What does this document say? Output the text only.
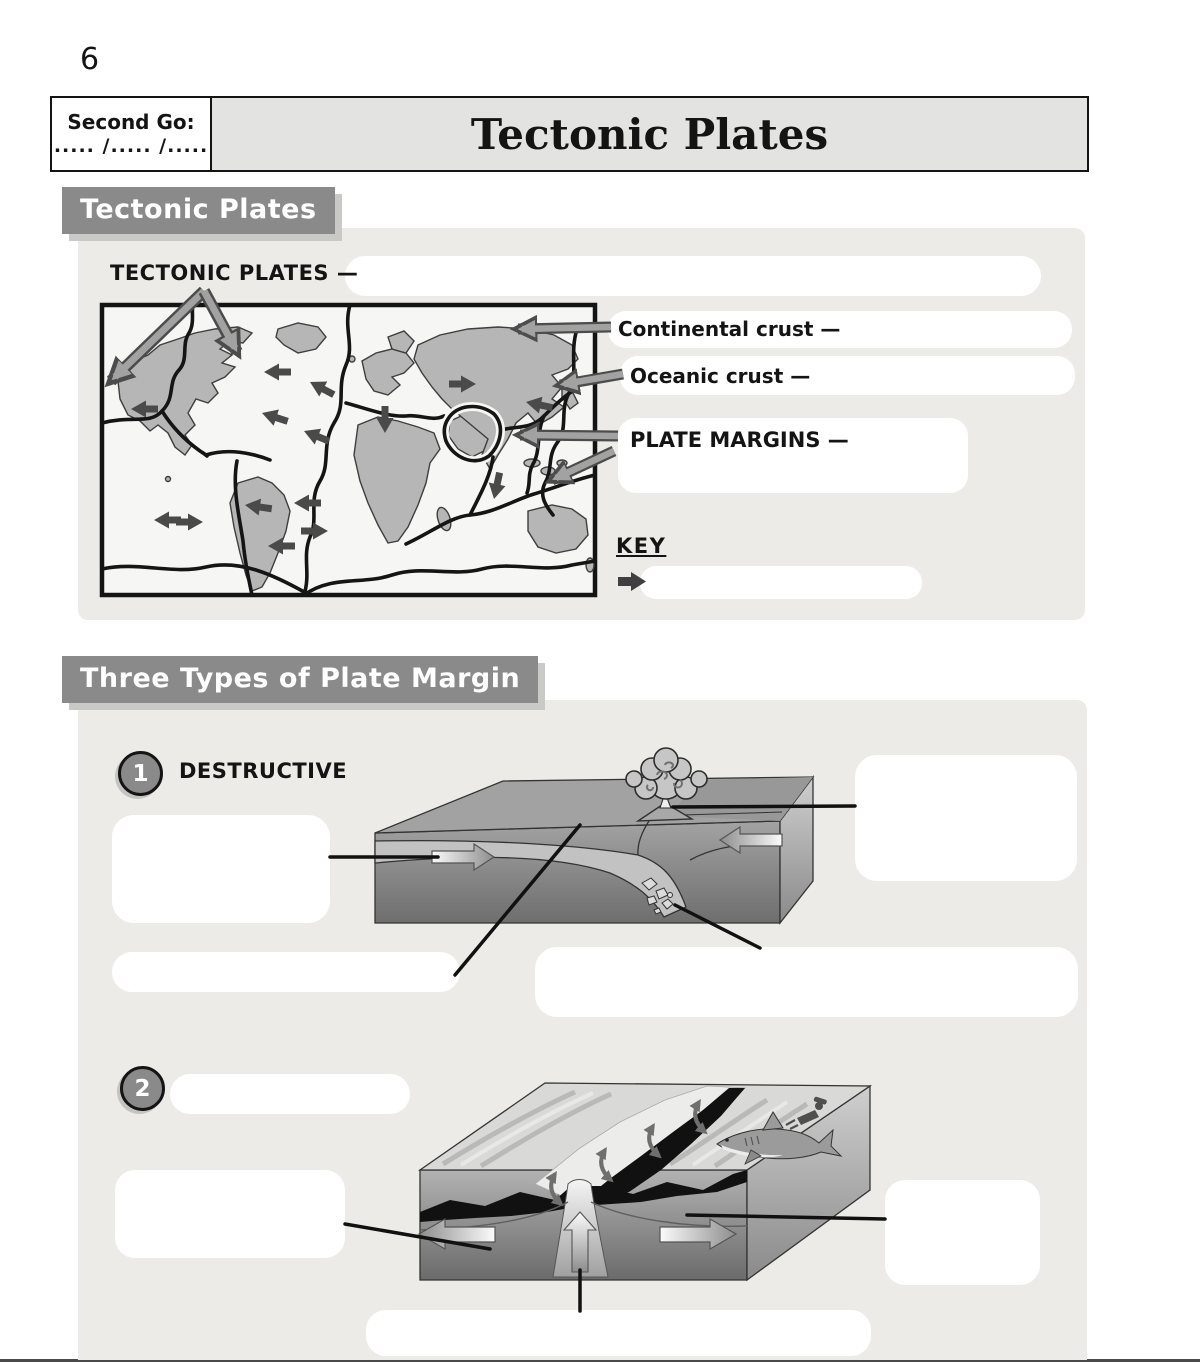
6
Second Go:
..... /..... /.....	Tectonic Plates
Tectonic Plates
TECTONIC PLATES —
Continental crust —
Oceanic crust —
PLATE MARGINS —
KEY
Three Types of Plate Margin
1	DESTRUCTIVE
2
